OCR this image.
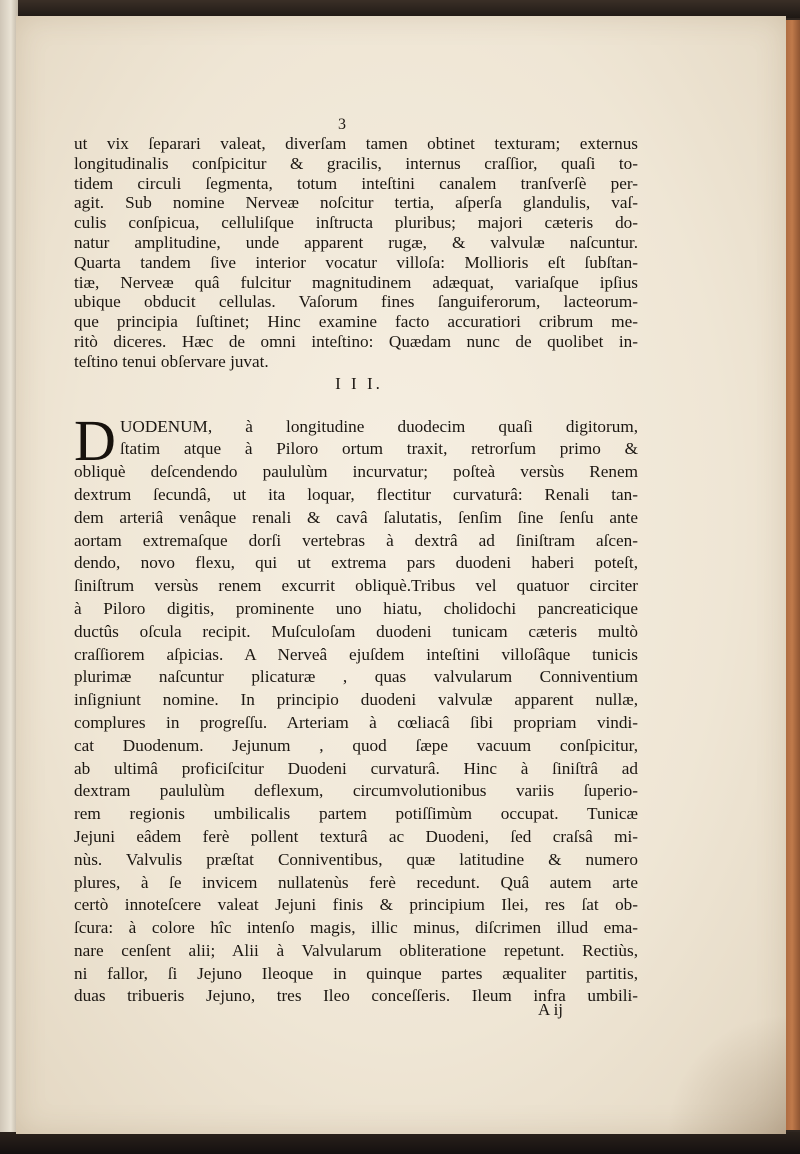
3
ut vix ſeparari valeat, diverſam tamen obtinet texturam; externus
longitudinalis conſpicitur & gracilis, internus craſſior, quaſi to-
tidem circuli ſegmenta, totum inteſtini canalem tranſverſè per-
agit. Sub nomine Nerveæ noſcitur tertia, aſperſa glandulis, vaſ-
culis conſpicua, celluliſque inſtructa pluribus; majori cæteris do-
natur amplitudine, unde apparent rugæ, & valvulæ naſcuntur.
Quarta tandem ſive interior vocatur villoſa: Mollioris eſt ſubſtan-
tiæ, Nerveæ quâ fulcitur magnitudinem adæquat, variaſque ipſius
ubique obducit cellulas. Vaſorum fines ſanguiferorum, lacteorum-
que principia ſuſtinet; Hinc examine facto accuratiori cribrum me-
ritò diceres. Hæc de omni inteſtino: Quædam nunc de quolibet in-
teſtino tenui obſervare juvat.
I I I.
D UODENUM, à longitudine duodecim quaſi digitorum,
ſtatim atque à Piloro ortum traxit, retrorſum primo &
obliquè deſcendendo paululùm incurvatur; poſteà versùs Renem
dextrum ſecundâ, ut ita loquar, flectitur curvaturâ: Renali tan-
dem arteriâ venâque renali & cavâ ſalutatis, ſenſim ſine ſenſu ante
aortam extremaſque dorſi vertebras à dextrâ ad ſiniſtram aſcen-
dendo, novo flexu, qui ut extrema pars duodeni haberi poteſt,
ſiniſtrum versùs renem excurrit obliquè.Tribus vel quatuor circiter
à Piloro digitis, prominente uno hiatu, cholidochi pancreaticique
ductûs oſcula recipit. Muſculoſam duodeni tunicam cæteris multò
craſſiorem aſpicias. A Nerveâ ejuſdem inteſtini villoſâque tunicis
plurimæ naſcuntur plicaturæ , quas valvularum Conniventium
inſigniunt nomine. In principio duodeni valvulæ apparent nullæ,
complures in progreſſu. Arteriam à cœliacâ ſibi propriam vindi-
cat Duodenum. Jejunum , quod ſæpe vacuum conſpicitur,
ab ultimâ proficiſcitur Duodeni curvaturâ. Hinc à ſiniſtrâ ad
dextram paululùm deflexum, circumvolutionibus variis ſuperio-
rem regionis umbilicalis partem potiſſimùm occupat. Tunicæ
Jejuni eâdem ferè pollent texturâ ac Duodeni, ſed craſsâ mi-
nùs. Valvulis præſtat Conniventibus, quæ latitudine & numero
plures, à ſe invicem nullatenùs ferè recedunt. Quâ autem arte
certò innoteſcere valeat Jejuni finis & principium Ilei, res ſat ob-
ſcura: à colore hîc intenſo magis, illic minus, diſcrimen illud ema-
nare cenſent alii; Alii à Valvularum obliteratione repetunt. Rectiùs,
ni fallor, ſi Jejuno Ileoque in quinque partes æqualiter partitis,
duas tribueris Jejuno, tres Ileo conceſſeris. Ileum infra umbili-
A ij
